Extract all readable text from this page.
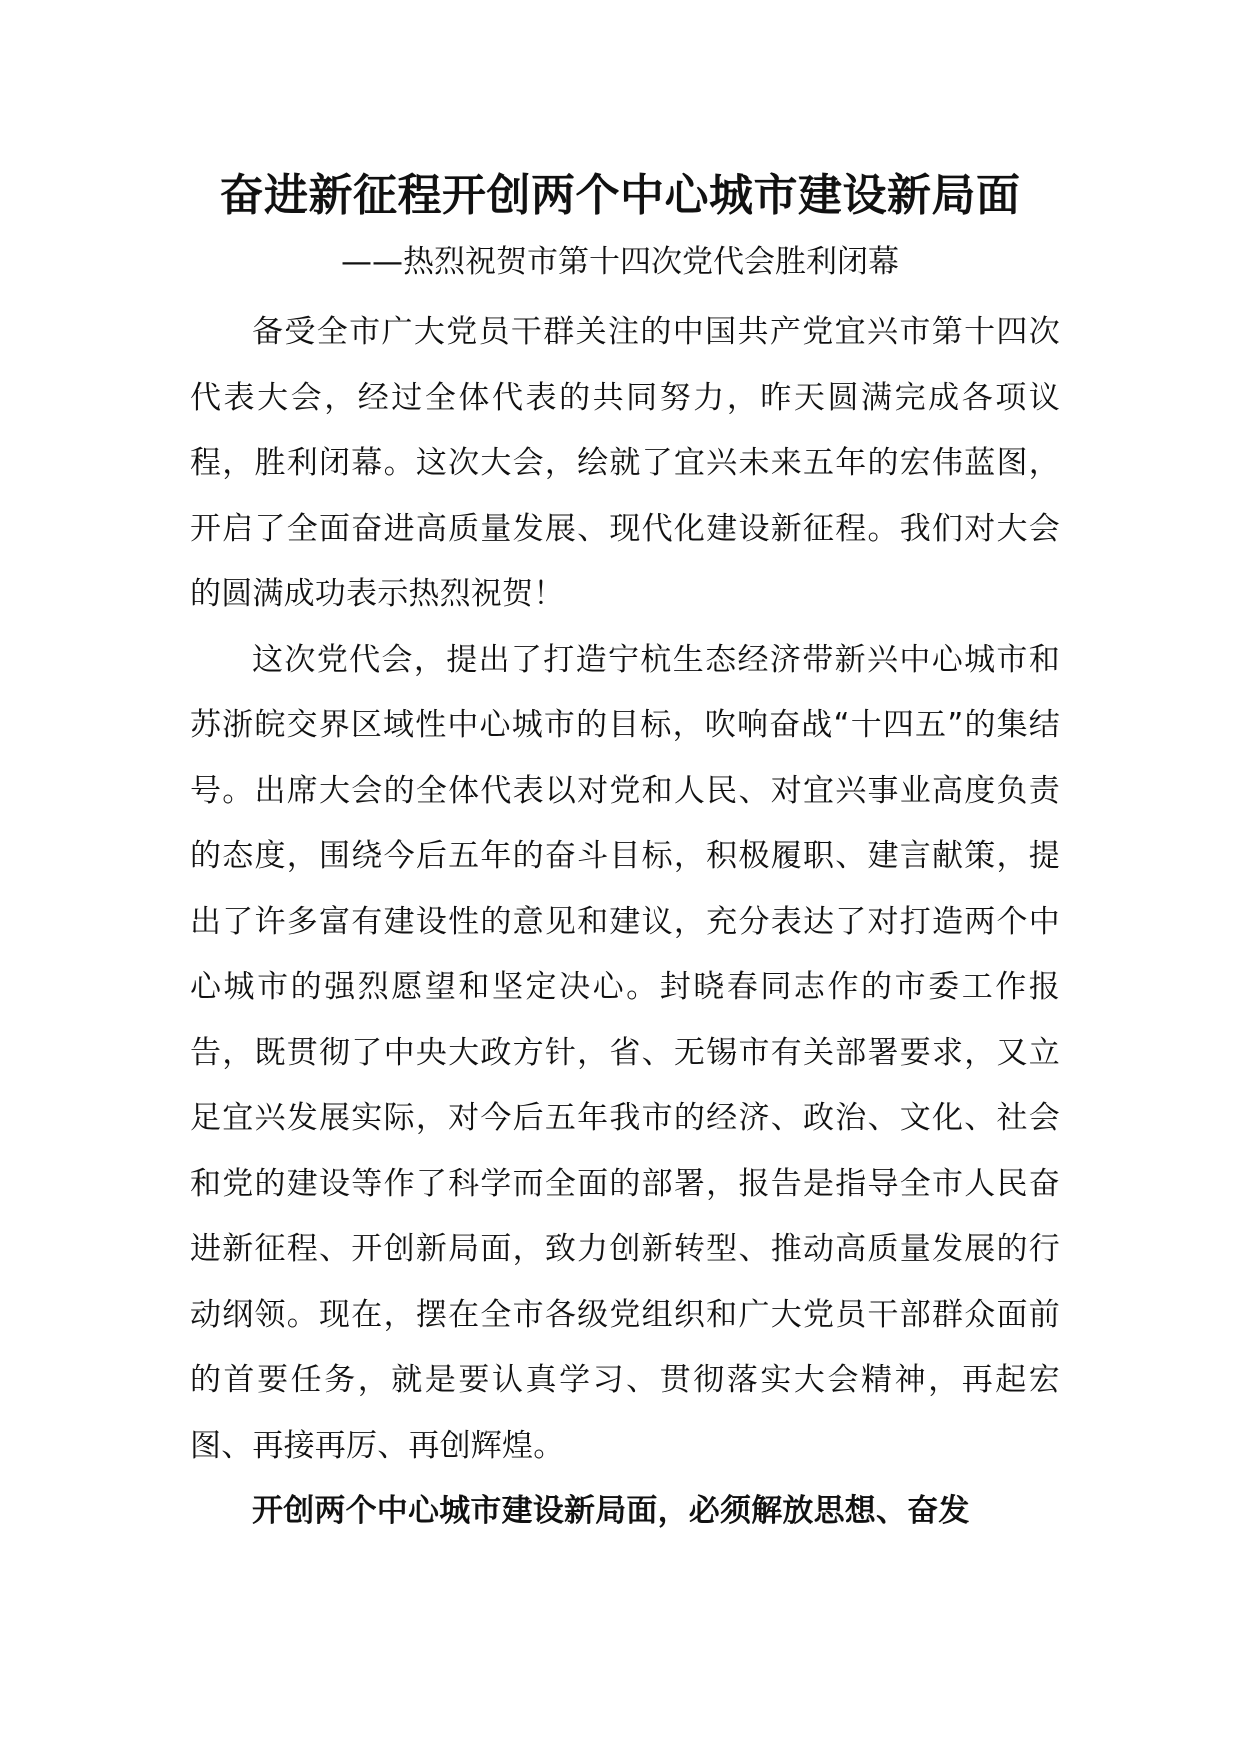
奋进新征程开创两个中心城市建设新局面
——热烈祝贺市第十四次党代会胜利闭幕

备受全市广大党员干群关注的中国共产党宜兴市第十四次代表大会，经过全体代表的共同努力，昨天圆满完成各项议程，胜利闭幕。这次大会，绘就了宜兴未来五年的宏伟蓝图，开启了全面奋进高质量发展、现代化建设新征程。我们对大会的圆满成功表示热烈祝贺！

这次党代会，提出了打造宁杭生态经济带新兴中心城市和苏浙皖交界区域性中心城市的目标，吹响奋战“十四五”的集结号。出席大会的全体代表以对党和人民、对宜兴事业高度负责的态度，围绕今后五年的奋斗目标，积极履职、建言献策，提出了许多富有建设性的意见和建议，充分表达了对打造两个中心城市的强烈愿望和坚定决心。封晓春同志作的市委工作报告，既贯彻了中央大政方针，省、无锡市有关部署要求，又立足宜兴发展实际，对今后五年我市的经济、政治、文化、社会和党的建设等作了科学而全面的部署，报告是指导全市人民奋进新征程、开创新局面，致力创新转型、推动高质量发展的行动纲领。现在，摆在全市各级党组织和广大党员干部群众面前的首要任务，就是要认真学习、贯彻落实大会精神，再起宏图、再接再厉、再创辉煌。

开创两个中心城市建设新局面，必须解放思想、奋发
